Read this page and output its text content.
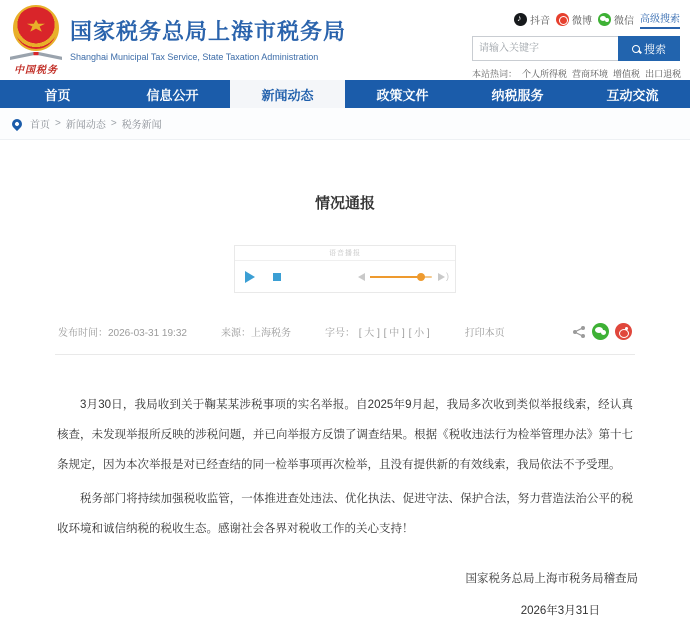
中国税务
国家税务总局上海市税务局
Shanghai Municipal Tax Service, State Taxation Administration
♪
抖音 微博 微信 高级搜索
请输入关键字
搜索
本站热词： 个人所得税 营商环境 增值税 出口退税
首页	信息公开	新闻动态	政策文件	纳税服务	互动交流
首页 > 新闻动态 > 税务新闻
情况通报
语音播报
)
发布时间：2026-03-31 19:32	来源：上海税务	字号： [ 大 ] [ 中 ] [ 小 ]	打印本页

3月30日，我局收到关于鞠某某涉税事项的实名举报。自2025年9月起，我局多次收到类似举报线索，经认真核查，未发现举报所反映的涉税问题，并已向举报方反馈了调查结果。根据《税收违法行为检举管理办法》第十七条规定，因为本次举报是对已经查结的同一检举事项再次检举，且没有提供新的有效线索，我局依法不予受理。

税务部门将持续加强税收监管，一体推进查处违法、优化执法、促进守法、保护合法，努力营造法治公平的税收环境和诚信纳税的税收生态。感谢社会各界对税收工作的关心支持！

国家税务总局上海市税务局稽查局
2026年3月31日
